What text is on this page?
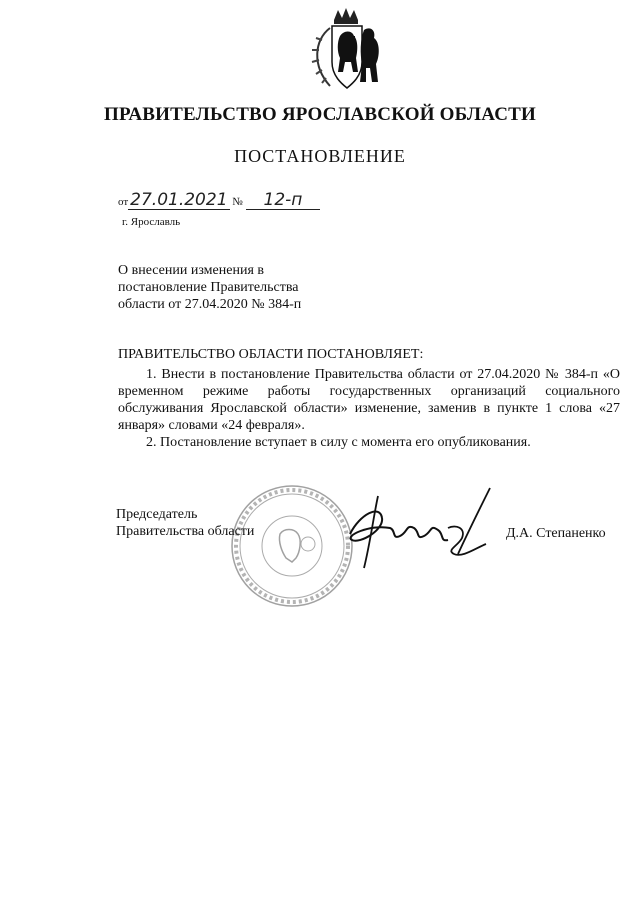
ПРАВИТЕЛЬСТВО ЯРОСЛАВСКОЙ ОБЛАСТИ
ПОСТАНОВЛЕНИЕ
от 27.01.2021 № 12-п
г. Ярославль
О внесении изменения в
постановление Правительства
области от 27.04.2020 № 384-п
ПРАВИТЕЛЬСТВО ОБЛАСТИ ПОСТАНОВЛЯЕТ:

1. Внести в постановление Правительства области от 27.04.2020 № 384-п «О временном режиме работы государственных организаций социального обслуживания Ярославской области» изменение, заменив в пункте 1 слова «27 января» словами «24 февраля».

2. Постановление вступает в силу с момента его опубликования.

Председатель
Правительства области	Д.А. Степаненко
